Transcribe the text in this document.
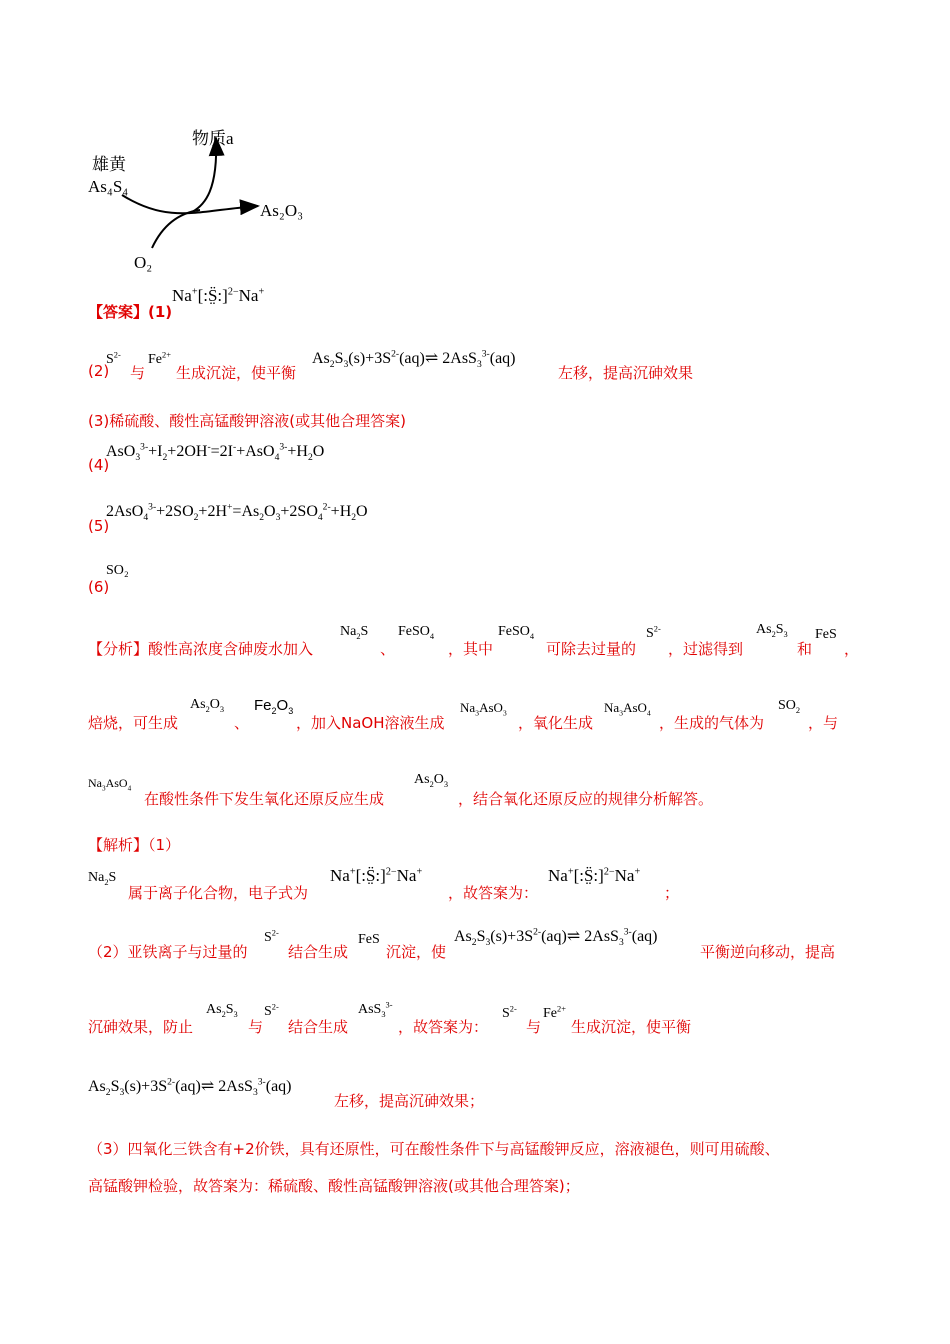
物质a
雄黄
As₄S₄
As₂O₃
O₂
【答案】(1)
Na+[:S̤̈:]$^{2-}$Na+
(2)
$S^{2-}$
与
$Fe^{2+}$
生成沉淀，使平衡
$As_2S_3(s)+3S^{2-}(aq)\rightleftharpoons$ 2AsS$_3^{3-}$(aq)
左移，提高沉砷效果
(3)稀硫酸、酸性高锰酸钾溶液(或其他合理答案)
(4)
$AsO_3^{3-}+I_2+2OH^-=2I^-+AsO_4^{3-}+H_2O$
(5)
$2AsO_4^{3-}+2SO_2+2H^+=As_2O_3+2SO_4^{2-}+H_2O$
(6)
SO₂
【分析】酸性高浓度含砷废水加入
$Na_2S$
、
FeSO$_4$
，其中
FeSO$_4$
可除去过量的
$S^{2-}$
，过滤得到
$As_2S_3$
和
FeS
，
焙烧，可生成
$As_2O_3$
、
$Fe_2O_3$
，加入NaOH溶液生成
$Na_3AsO_3$
，氧化生成
$Na_3AsO_4$
，生成的气体为
$SO_2$
，与
$Na_3AsO_4$
在酸性条件下发生氧化还原反应生成
$As_2O_3$
，结合氧化还原反应的规律分析解答。
【解析】（1）
$Na_2S$
属于离子化合物，电子式为
Na+[:S̤̈:]$^{2-}$Na+
，故答案为：
Na+[:S̤̈:]$^{2-}$Na+
；
（2）亚铁离子与过量的
$S^{2-}$
结合生成
FeS
沉淀，使
$As_2S_3(s)+3S^{2-}(aq)\rightleftharpoons$ 2AsS$_3^{3-}$(aq)
平衡逆向移动，提高
沉砷效果，防止
$As_2S_3$
与
$S^{2-}$
结合生成
AsS$_3^{3-}$
，故答案为：
$S^{2-}$
与
$Fe^{2+}$
生成沉淀，使平衡
$As_2S_3(s)+3S^{2-}(aq)\rightleftharpoons$ 2AsS$_3^{3-}$(aq)
左移，提高沉砷效果；
（3）四氧化三铁含有+2价铁，具有还原性，可在酸性条件下与高锰酸钾反应，溶液褪色，则可用硫酸、
高锰酸钾检验，故答案为：稀硫酸、酸性高锰酸钾溶液(或其他合理答案)；
